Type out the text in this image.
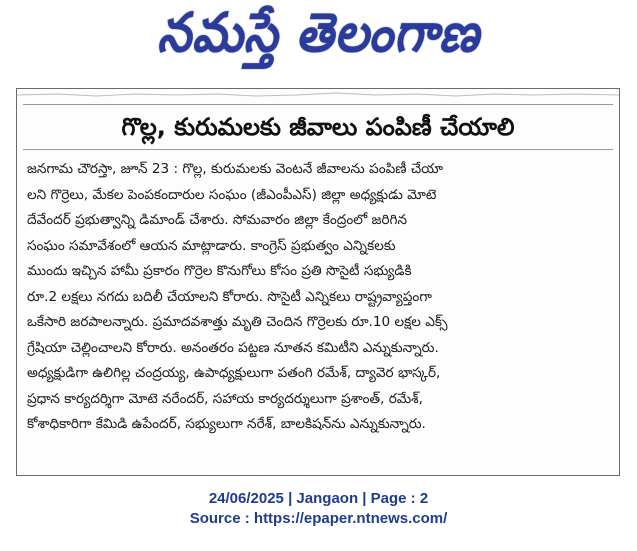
నమస్తే తెలంగాణ
గొల్ల, కురుమలకు జీవాలు పంపిణీ చేయాలి
జనగామ చౌరస్తా, జూన్ 23 : గొల్ల, కురుమలకు వెంటనే జీవాలను పంపిణీ చేయా
లని గొర్రెలు, మేకల పెంపకందారుల సంఘం (జీఎంపీఎస్) జిల్లా అధ్యక్షుడు మోటె
దేవేందర్ ప్రభుత్వాన్ని డిమాండ్ చేశారు. సోమవారం జిల్లా కేంద్రంలో జరిగిన
సంఘం సమావేశంలో ఆయన మాట్లాడారు. కాంగ్రెస్ ప్రభుత్వం ఎన్నికలకు
ముందు ఇచ్చిన హామీ ప్రకారం గొర్రెల కొనుగోలు కోసం ప్రతి సొసైటీ సభ్యుడికి
రూ.2 లక్షలు నగదు బదిలీ చేయాలని కోరారు. సొసైటీ ఎన్నికలు రాష్ట్రవ్యాప్తంగా
ఒకేసారి జరపాలన్నారు. ప్రమాదవశాత్తు మృతి చెందిన గొర్రెలకు రూ.10 లక్షల ఎక్స్
గ్రేషియా చెల్లించాలని కోరారు. అనంతరం పట్టణ నూతన కమిటీని ఎన్నుకున్నారు.
అధ్యక్షుడిగా ఉలిగిల్ల చంద్రయ్య, ఉపాధ్యక్షులుగా పతంగి రమేశ్, ద్యావెర భాస్కర్,
ప్రధాన కార్యదర్శిగా మోటె నరేందర్, సహాయ కార్యదర్శులుగా ప్రశాంత్, రమేశ్,
కోశాధికారిగా కేమిడి ఉపేందర్, సభ్యులుగా నరేశ్, బాలకిషన్‌ను ఎన్నుకున్నారు.
24/06/2025 | Jangaon | Page : 2
Source : https://epaper.ntnews.com/
